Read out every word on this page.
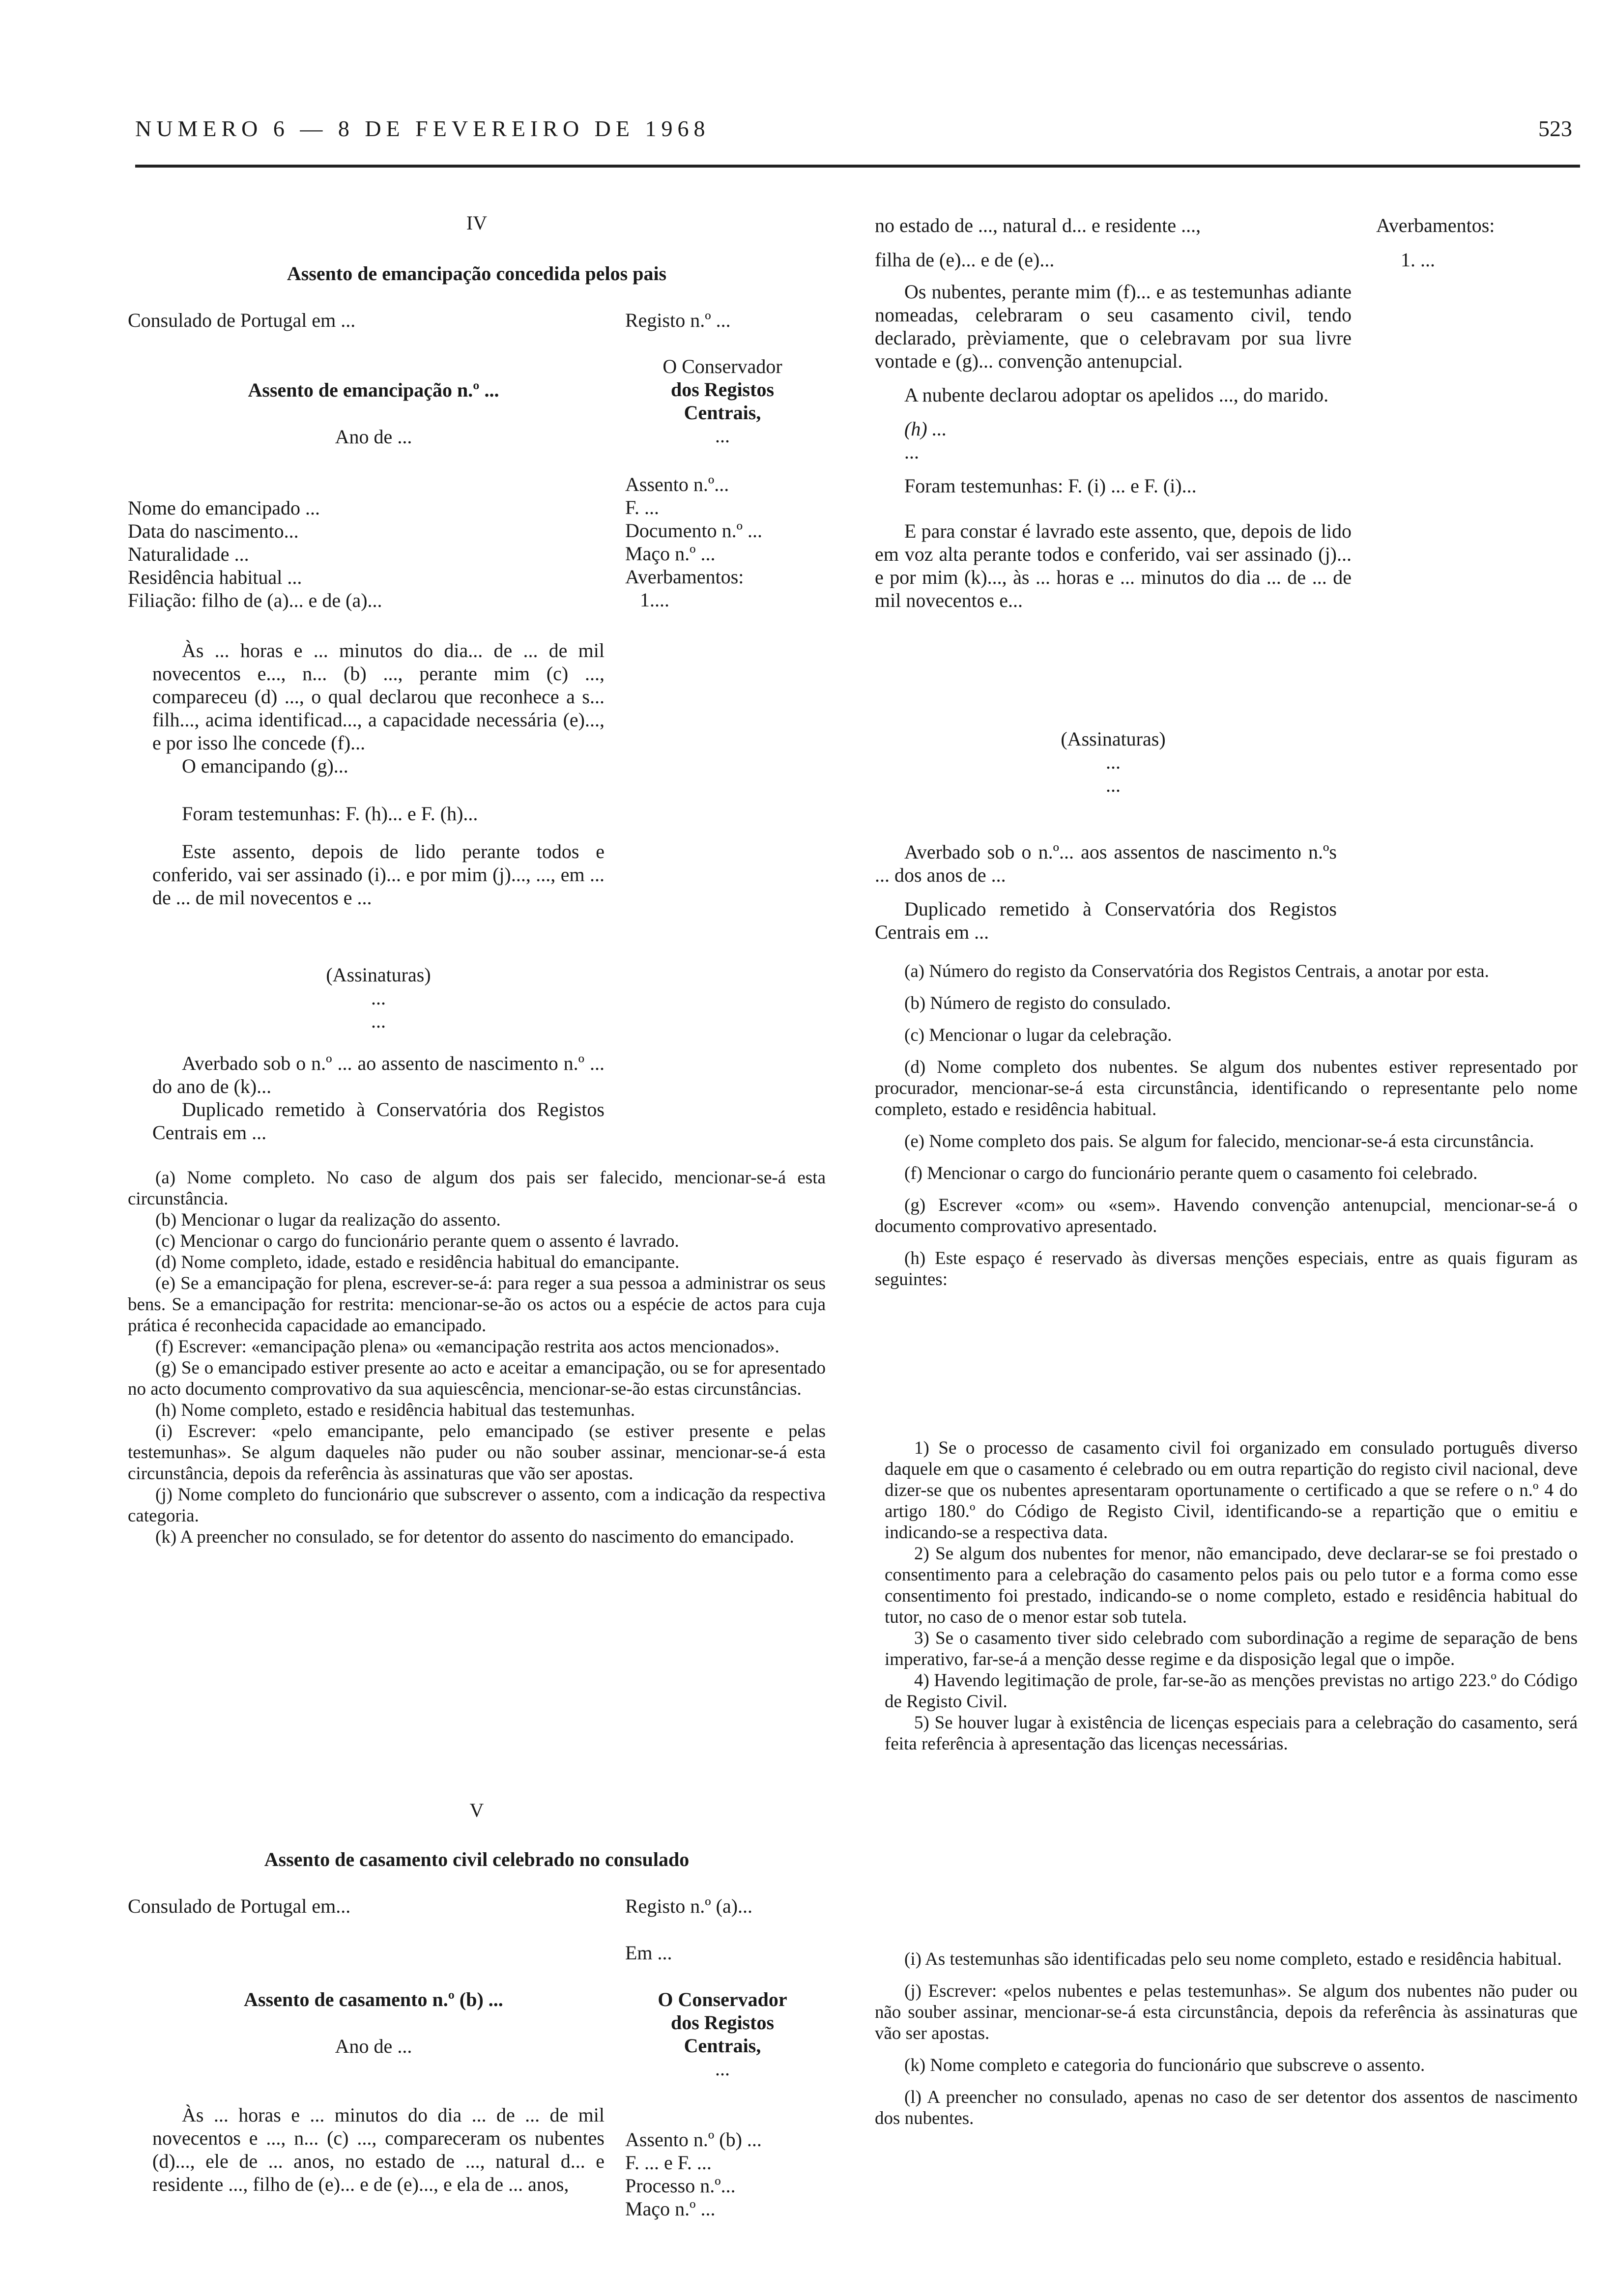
NUMERO 6 — 8 DE FEVEREIRO DE 1968	523
IV
Assento de emancipação concedida pelos pais
Consulado de Portugal em ...	Registo n.º ...
O Conservador
dos Registos
Centrais,
...
Assento de emancipação n.º ...
Ano de ...
Nome do emancipado ...
Data do nascimento...
Naturalidade ...
Residência habitual ...
Filiação: filho de (a)... e de (a)...
Assento n.º...
F. ...
Documento n.º ...
Maço n.º ...
Averbamentos:
1....

Às ... horas e ... minutos do dia... de ... de mil novecentos e..., n... (b) ..., perante mim (c) ..., compareceu (d) ..., o qual declarou que reconhece a s... filh..., acima identificad..., a capacidade necessária (e)..., e por isso lhe concede (f)...

O emancipando (g)...

Foram testemunhas: F. (h)... e F. (h)...

Este assento, depois de lido perante todos e conferido, vai ser assinado (i)... e por mim (j)..., ..., em ... de ... de mil novecentos e ...

(Assinaturas)
...
...

Averbado sob o n.º ... ao assento de nascimento n.º ... do ano de (k)...

Duplicado remetido à Conservatória dos Registos Centrais em ...

(a) Nome completo. No caso de algum dos pais ser falecido, mencionar-se-á esta circunstância.

(b) Mencionar o lugar da realização do assento.

(c) Mencionar o cargo do funcionário perante quem o assento é lavrado.

(d) Nome completo, idade, estado e residência habitual do emancipante.

(e) Se a emancipação for plena, escrever-se-á: para reger a sua pessoa a administrar os seus bens. Se a emancipação for restrita: mencionar-se-ão os actos ou a espécie de actos para cuja prática é reconhecida capacidade ao emancipado.

(f) Escrever: «emancipação plena» ou «emancipação restrita aos actos mencionados».

(g) Se o emancipado estiver presente ao acto e aceitar a emancipação, ou se for apresentado no acto documento comprovativo da sua aquiescência, mencionar-se-ão estas circunstâncias.

(h) Nome completo, estado e residência habitual das testemunhas.

(i) Escrever: «pelo emancipante, pelo emancipado (se estiver presente e pelas testemunhas». Se algum daqueles não puder ou não souber assinar, mencionar-se-á esta circunstância, depois da referência às assinaturas que vão ser apostas.

(j) Nome completo do funcionário que subscrever o assento, com a indicação da respectiva categoria.

(k) A preencher no consulado, se for detentor do assento do nascimento do emancipado.

V
Assento de casamento civil celebrado no consulado
Consulado de Portugal em...	Registo n.º (a)...
Em ...
Assento de casamento n.º (b) ...
Ano de ...
O Conservador
dos Registos
Centrais,
...

Às ... horas e ... minutos do dia ... de ... de mil novecentos e ..., n... (c) ..., compareceram os nubentes (d)..., ele de ... anos, no estado de ..., natural d... e residente ..., filho de (e)... e de (e)..., e ela de ... anos,

Assento n.º (b) ...
F. ... e F. ...
Processo n.º...
Maço n.º ...
no estado de ..., natural d... e residente ...,
filha de (e)... e de (e)...
Averbamentos:
1. ...

Os nubentes, perante mim (f)... e as testemunhas adiante nomeadas, celebraram o seu casamento civil, tendo declarado, prèviamente, que o celebravam por sua livre vontade e (g)... convenção antenupcial.

A nubente declarou adoptar os apelidos ..., do marido.

(h) ...

...

Foram testemunhas: F. (i) ... e F. (i)...

E para constar é lavrado este assento, que, depois de lido em voz alta perante todos e conferido, vai ser assinado (j)... e por mim (k)..., às ... horas e ... minutos do dia ... de ... de mil novecentos e...

(Assinaturas)
...
...

Averbado sob o n.º... aos assentos de nascimento n.ºs ... dos anos de ...

Duplicado remetido à Conservatória dos Registos Centrais em ...

(a) Número do registo da Conservatória dos Registos Centrais, a anotar por esta.

(b) Número de registo do consulado.

(c) Mencionar o lugar da celebração.

(d) Nome completo dos nubentes. Se algum dos nubentes estiver representado por procurador, mencionar-se-á esta circunstância, identificando o representante pelo nome completo, estado e residência habitual.

(e) Nome completo dos pais. Se algum for falecido, mencionar-se-á esta circunstância.

(f) Mencionar o cargo do funcionário perante quem o casamento foi celebrado.

(g) Escrever «com» ou «sem». Havendo convenção antenupcial, mencionar-se-á o documento comprovativo apresentado.

(h) Este espaço é reservado às diversas menções especiais, entre as quais figuram as seguintes:

1) Se o processo de casamento civil foi organizado em consulado português diverso daquele em que o casamento é celebrado ou em outra repartição do registo civil nacional, deve dizer-se que os nubentes apresentaram oportunamente o certificado a que se refere o n.º 4 do artigo 180.º do Código de Registo Civil, identificando-se a repartição que o emitiu e indicando-se a respectiva data.

2) Se algum dos nubentes for menor, não emancipado, deve declarar-se se foi prestado o consentimento para a celebração do casamento pelos pais ou pelo tutor e a forma como esse consentimento foi prestado, indicando-se o nome completo, estado e residência habitual do tutor, no caso de o menor estar sob tutela.

3) Se o casamento tiver sido celebrado com subordinação a regime de separação de bens imperativo, far-se-á a menção desse regime e da disposição legal que o impõe.

4) Havendo legitimação de prole, far-se-ão as menções previstas no artigo 223.º do Código de Registo Civil.

5) Se houver lugar à existência de licenças especiais para a celebração do casamento, será feita referência à apresentação das licenças necessárias.

(i) As testemunhas são identificadas pelo seu nome completo, estado e residência habitual.

(j) Escrever: «pelos nubentes e pelas testemunhas». Se algum dos nubentes não puder ou não souber assinar, mencionar-se-á esta circunstância, depois da referência às assinaturas que vão ser apostas.

(k) Nome completo e categoria do funcionário que subscreve o assento.

(l) A preencher no consulado, apenas no caso de ser detentor dos assentos de nascimento dos nubentes.
